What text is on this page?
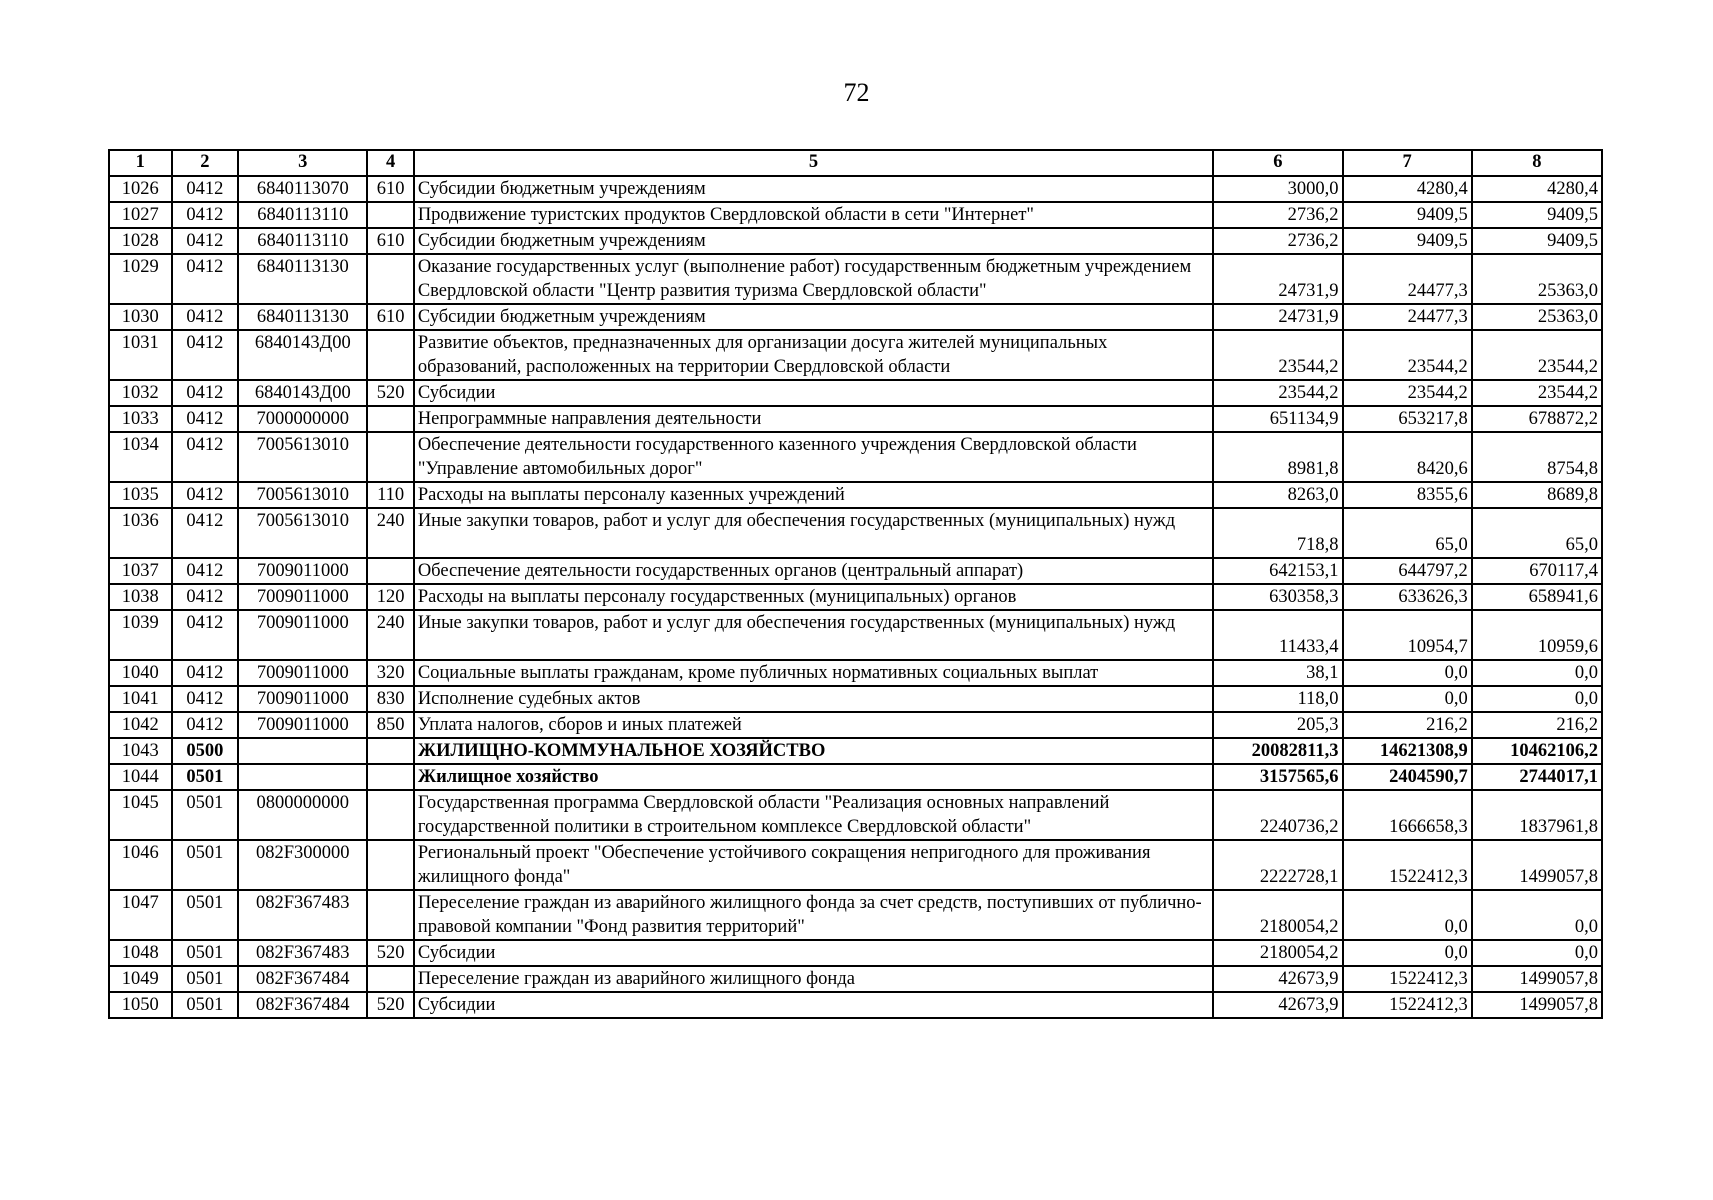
72
1	2	3	4	5	6	7	8
1026	0412	6840113070	610	Субсидии бюджетным учреждениям	3000,0	4280,4	4280,4
1027	0412	6840113110		Продвижение туристских продуктов Свердловской области в сети "Интернет"	2736,2	9409,5	9409,5
1028	0412	6840113110	610	Субсидии бюджетным учреждениям	2736,2	9409,5	9409,5
1029	0412	6840113130		Оказание государственных услуг (выполнение работ) государственным бюджетным учреждением Свердловской области "Центр развития туризма Свердловской области"	24731,9	24477,3	25363,0
1030	0412	6840113130	610	Субсидии бюджетным учреждениям	24731,9	24477,3	25363,0
1031	0412	6840143Д00		Развитие объектов, предназначенных для организации досуга жителей муниципальных образований, расположенных на территории Свердловской области	23544,2	23544,2	23544,2
1032	0412	6840143Д00	520	Субсидии	23544,2	23544,2	23544,2
1033	0412	7000000000		Непрограммные направления деятельности	651134,9	653217,8	678872,2
1034	0412	7005613010		Обеспечение деятельности государственного казенного учреждения Свердловской области "Управление автомобильных дорог"	8981,8	8420,6	8754,8
1035	0412	7005613010	110	Расходы на выплаты персоналу казенных учреждений	8263,0	8355,6	8689,8
1036	0412	7005613010	240	Иные закупки товаров, работ и услуг для обеспечения государственных (муниципальных) нужд	718,8	65,0	65,0
1037	0412	7009011000		Обеспечение деятельности государственных органов (центральный аппарат)	642153,1	644797,2	670117,4
1038	0412	7009011000	120	Расходы на выплаты персоналу государственных (муниципальных) органов	630358,3	633626,3	658941,6
1039	0412	7009011000	240	Иные закупки товаров, работ и услуг для обеспечения государственных (муниципальных) нужд	11433,4	10954,7	10959,6
1040	0412	7009011000	320	Социальные выплаты гражданам, кроме публичных нормативных социальных выплат	38,1	0,0	0,0
1041	0412	7009011000	830	Исполнение судебных актов	118,0	0,0	0,0
1042	0412	7009011000	850	Уплата налогов, сборов и иных платежей	205,3	216,2	216,2
1043	0500			ЖИЛИЩНО-КОММУНАЛЬНОЕ ХОЗЯЙСТВО	20082811,3	14621308,9	10462106,2
1044	0501			Жилищное хозяйство	3157565,6	2404590,7	2744017,1
1045	0501	0800000000		Государственная программа Свердловской области "Реализация основных направлений государственной политики в строительном комплексе Свердловской области"	2240736,2	1666658,3	1837961,8
1046	0501	082F300000		Региональный проект "Обеспечение устойчивого сокращения непригодного для проживания жилищного фонда"	2222728,1	1522412,3	1499057,8
1047	0501	082F367483		Переселение граждан из аварийного жилищного фонда за счет средств, поступивших от публично-правовой компании "Фонд развития территорий"	2180054,2	0,0	0,0
1048	0501	082F367483	520	Субсидии	2180054,2	0,0	0,0
1049	0501	082F367484		Переселение граждан из аварийного жилищного фонда	42673,9	1522412,3	1499057,8
1050	0501	082F367484	520	Субсидии	42673,9	1522412,3	1499057,8
